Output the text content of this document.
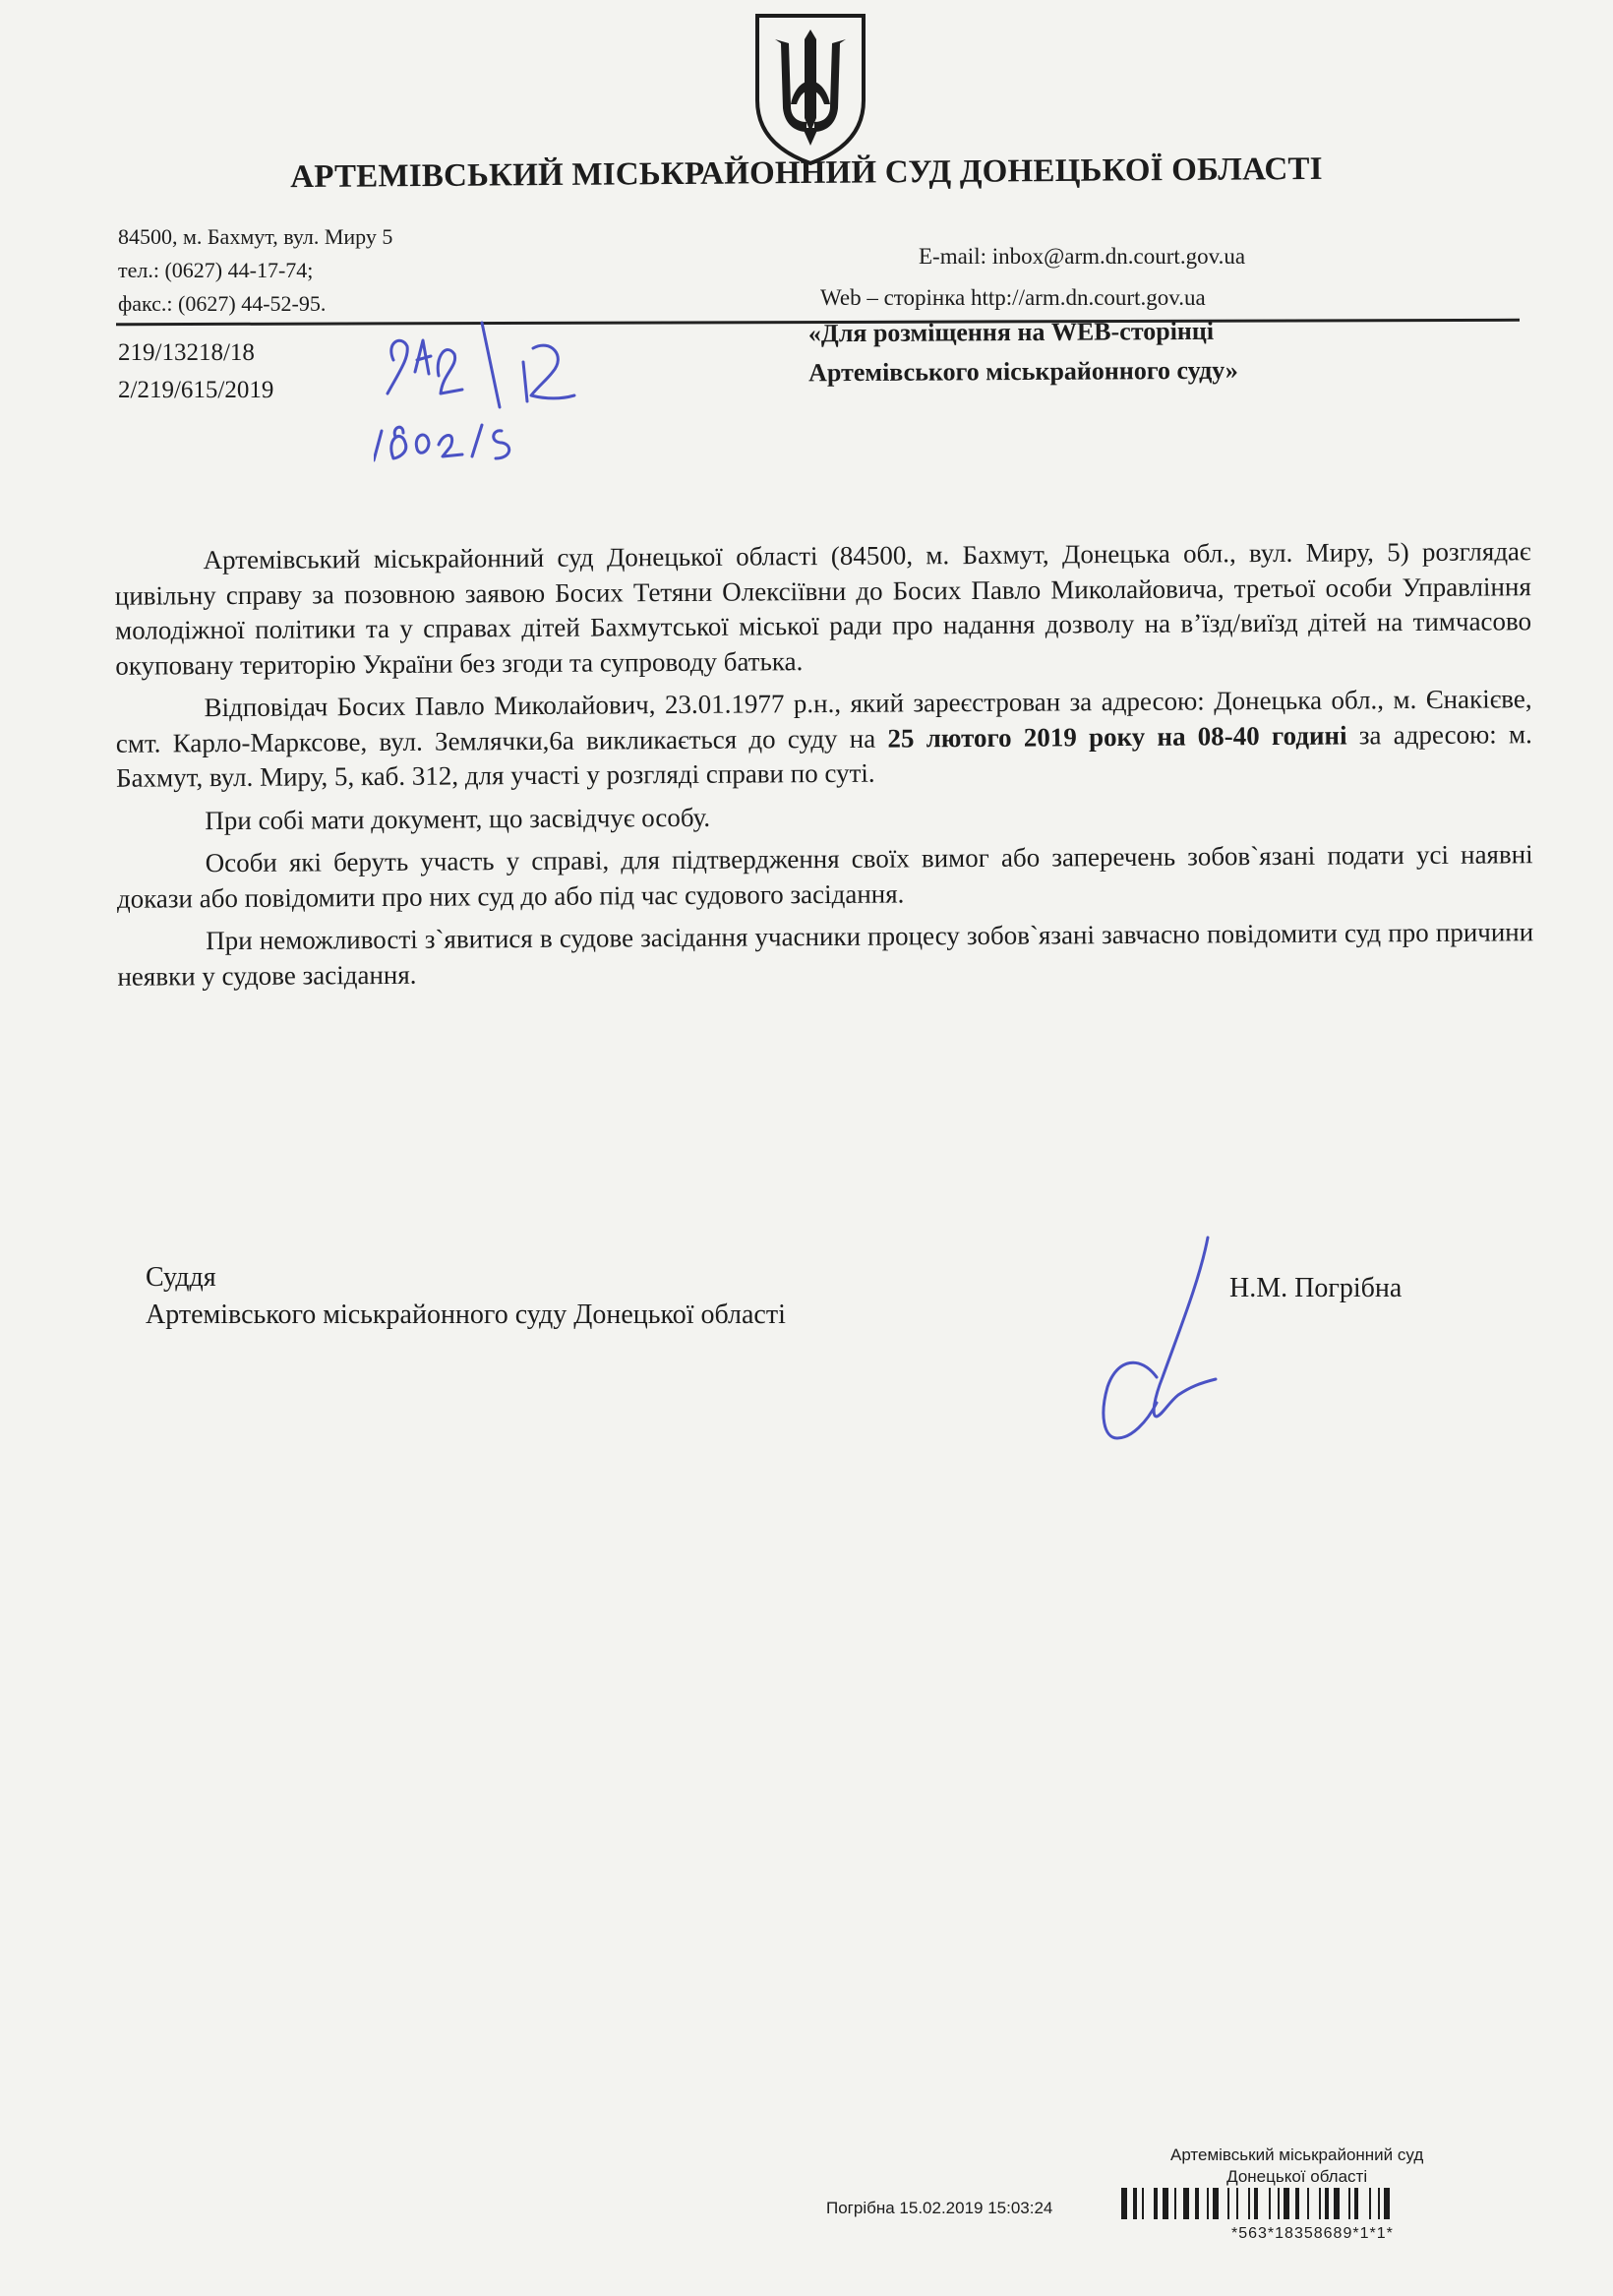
АРТЕМІВСЬКИЙ МІСЬКРАЙОННИЙ СУД ДОНЕЦЬКОЇ ОБЛАСТІ
84500, м. Бахмут, вул. Миру 5
тел.: (0627) 44-17-74;
факс.: (0627) 44-52-95.
E-mail: inbox@arm.dn.court.gov.ua
Web – сторінка http://arm.dn.court.gov.ua
219/13218/18
2/219/615/2019
«Для розміщення на WEB-сторінці
Артемівського міськрайонного суду»

Артемівський міськрайонний суд Донецької області (84500, м. Бахмут, Донецька обл., вул. Миру, 5) розглядає цивільну справу за позовною заявою Босих Тетяни Олексіївни до Босих Павло Миколайовича, третьої особи Управління молодіжної політики та у справах дітей Бахмутської міської ради про надання дозволу на в’їзд/виїзд дітей на тимчасово окуповану територію України без згоди та супроводу батька.

Відповідач Босих Павло Миколайович, 23.01.1977 р.н., який зареєстрован за адресою: Донецька обл., м. Єнакієве, смт. Карло-Марксове, вул. Землячки,6а викликається до суду на 25 лютого 2019 року на 08-40 годині за адресою: м. Бахмут, вул. Миру, 5, каб. 312, для участі у розгляді справи по суті.

При собі мати документ, що засвідчує особу.

Особи які беруть участь у справі, для підтвердження своїх вимог або заперечень зобов`язані подати усі наявні докази або повідомити про них суд до або під час судового засідання.

При неможливості з`явитися в судове засідання учасники процесу зобов`язані завчасно повідомити суд про причини неявки у судове засідання.

Суддя
Артемівського міськрайонного суду Донецької області
Н.М. Погрібна
Артемівський міськрайонний суд
Донецької області
Погрібна 15.02.2019 15:03:24
*563*18358689*1*1*
